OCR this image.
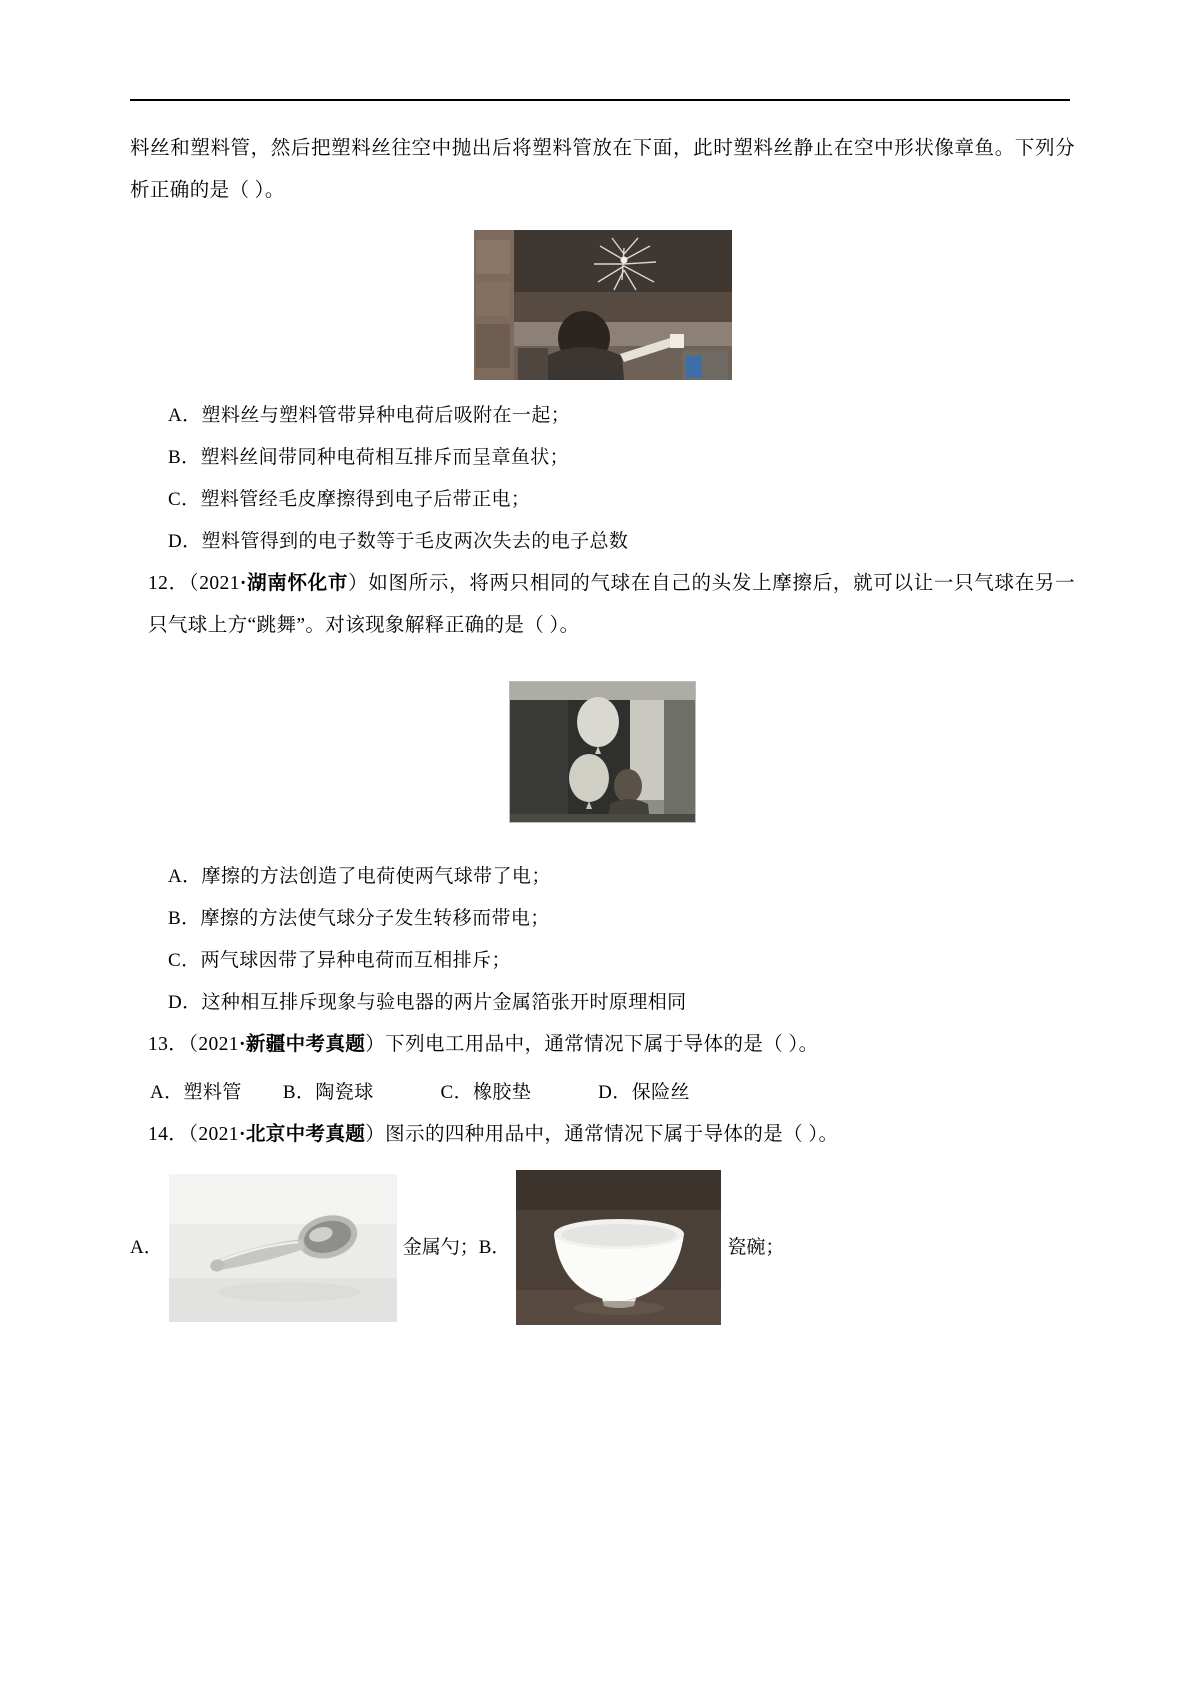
料丝和塑料管，然后把塑料丝往空中抛出后将塑料管放在下面，此时塑料丝静止在空中形状像章鱼。下列分析正确的是（ ）。

A．塑料丝与塑料管带异种电荷后吸附在一起；

B．塑料丝间带同种电荷相互排斥而呈章鱼状；

C．塑料管经毛皮摩擦得到电子后带正电；

D．塑料管得到的电子数等于毛皮两次失去的电子总数

12．（2021·湖南怀化市）如图所示，将两只相同的气球在自己的头发上摩擦后，就可以让一只气球在另一只气球上方“跳舞”。对该现象解释正确的是（ ）。

A．摩擦的方法创造了电荷使两气球带了电；

B．摩擦的方法使气球分子发生转移而带电；

C．两气球因带了异种电荷而互相排斥；

D．这种相互排斥现象与验电器的两片金属箔张开时原理相同

13．（2021·新疆中考真题）下列电工用品中，通常情况下属于导体的是（ ）。

A．塑料管        B．陶瓷球             C．橡胶垫             D．保险丝

14．（2021·北京中考真题）图示的四种用品中，通常情况下属于导体的是（ ）。

A．	金属勺；B．	瓷碗；
